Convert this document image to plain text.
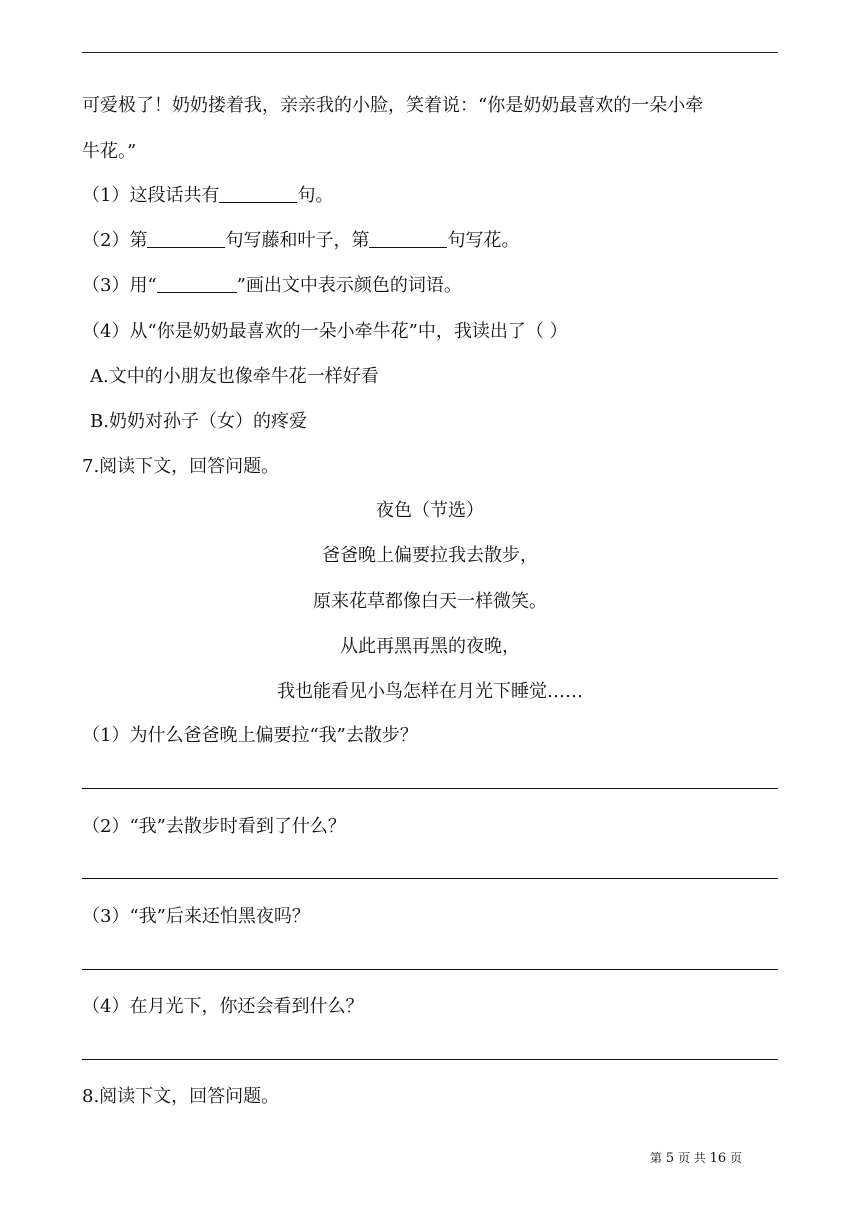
可爱极了！奶奶搂着我，亲亲我的小脸，笑着说：“你是奶奶最喜欢的一朵小牵
牛花。”
（1）这段话共有	句。
（2）第	句写藤和叶子，第	句写花。
（3）用“	”画出文中表示颜色的词语。
（4）从“你是奶奶最喜欢的一朵小牵牛花”中，我读出了（ ）
A.文中的小朋友也像牵牛花一样好看
B.奶奶对孙子（女）的疼爱
7.阅读下文，回答问题。
夜色（节选）
爸爸晚上偏要拉我去散步，
原来花草都像白天一样微笑。
从此再黑再黑的夜晚，
我也能看见小鸟怎样在月光下睡觉……
（1）为什么爸爸晚上偏要拉“我”去散步？
（2）“我”去散步时看到了什么？
（3）“我”后来还怕黑夜吗？
（4）在月光下，你还会看到什么？
8.阅读下文，回答问题。
第 5 页 共 16 页
